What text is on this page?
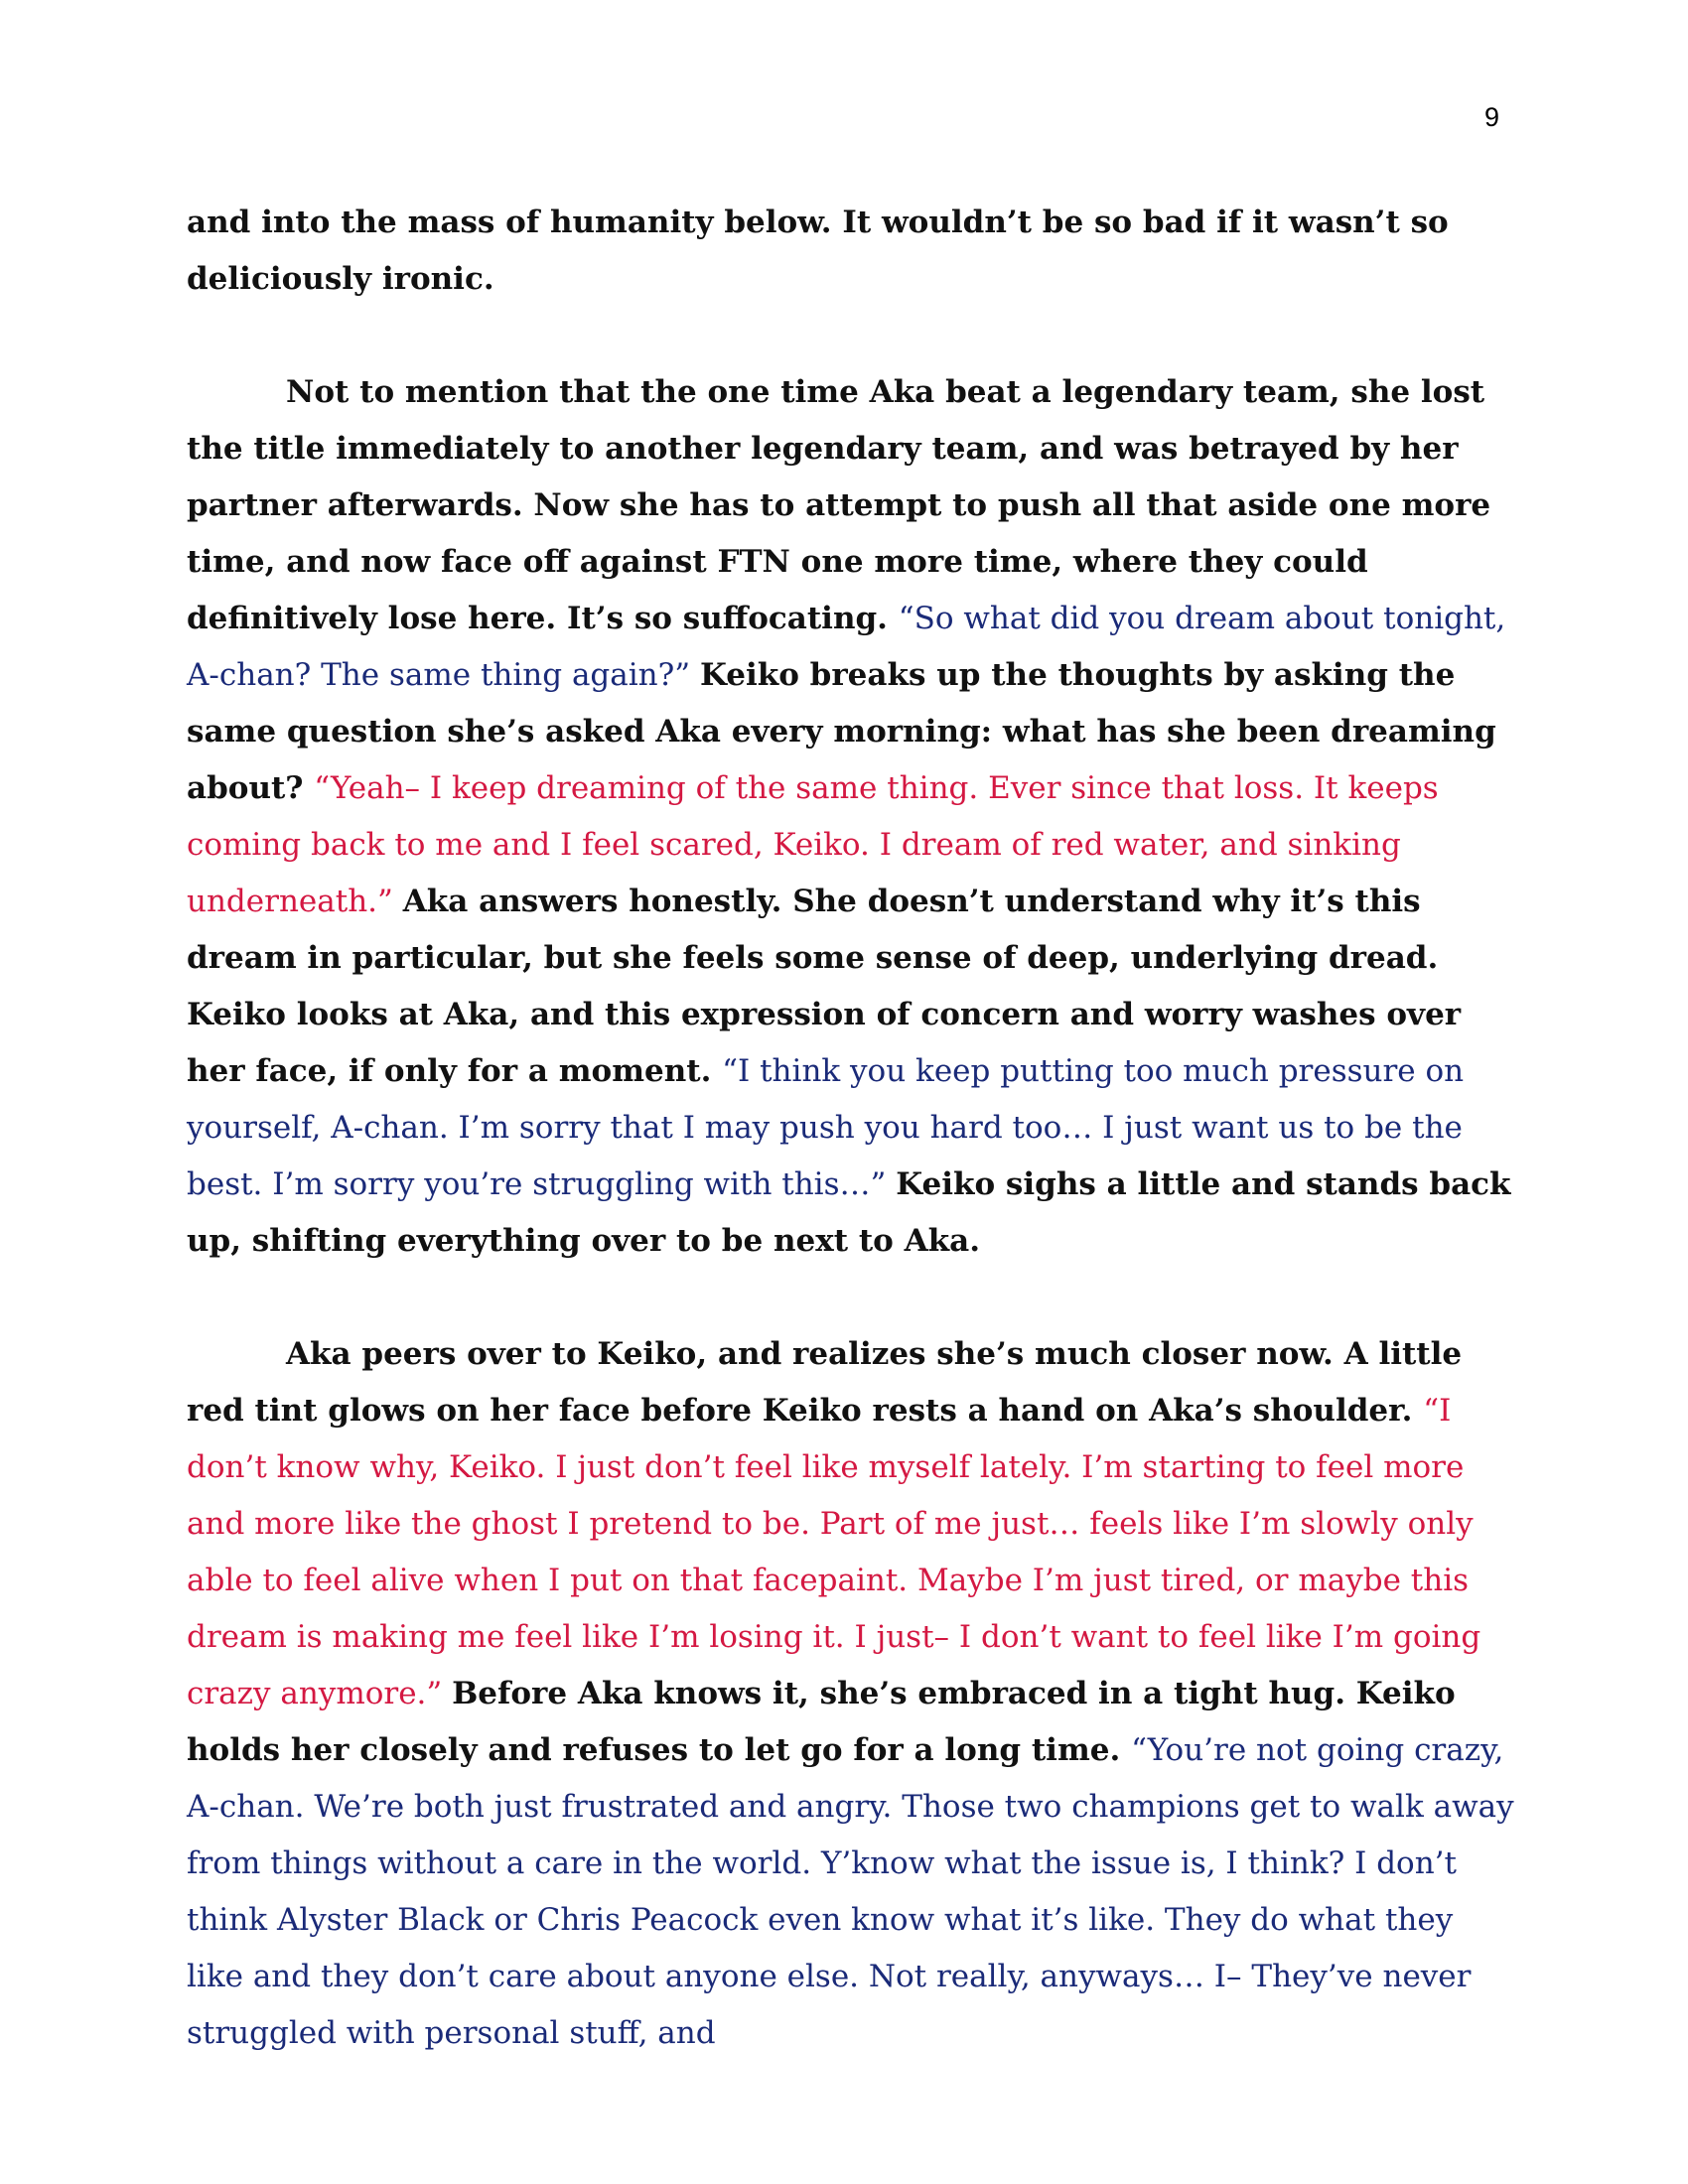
9

and into the mass of humanity below. It wouldn’t be so bad if it wasn’t so deliciously ironic.

Not to mention that the one time Aka beat a legendary team, she lost the title immediately to another legendary team, and was betrayed by her partner afterwards. Now she has to attempt to push all that aside one more time, and now face off against FTN one more time, where they could definitively lose here. It’s so suffocating. “So what did you dream about tonight, A-chan? The same thing again?” Keiko breaks up the thoughts by asking the same question she’s asked Aka every morning: what has she been dreaming about? “Yeah– I keep dreaming of the same thing. Ever since that loss. It keeps coming back to me and I feel scared, Keiko. I dream of red water, and sinking underneath.” Aka answers honestly. She doesn’t understand why it’s this dream in particular, but she feels some sense of deep, underlying dread. Keiko looks at Aka, and this expression of concern and worry washes over her face, if only for a moment. “I think you keep putting too much pressure on yourself, A-chan. I’m sorry that I may push you hard too… I just want us to be the best. I’m sorry you’re struggling with this…” Keiko sighs a little and stands back up, shifting everything over to be next to Aka.

Aka peers over to Keiko, and realizes she’s much closer now. A little red tint glows on her face before Keiko rests a hand on Aka’s shoulder. “I don’t know why, Keiko. I just don’t feel like myself lately. I’m starting to feel more and more like the ghost I pretend to be. Part of me just… feels like I’m slowly only able to feel alive when I put on that facepaint. Maybe I’m just tired, or maybe this dream is making me feel like I’m losing it. I just– I don’t want to feel like I’m going crazy anymore.” Before Aka knows it, she’s embraced in a tight hug. Keiko holds her closely and refuses to let go for a long time. “You’re not going crazy, A-chan. We’re both just frustrated and angry. Those two champions get to walk away from things without a care in the world. Y’know what the issue is, I think? I don’t think Alyster Black or Chris Peacock even know what it’s like. They do what they like and they don’t care about anyone else. Not really, anyways… I– They’ve never struggled with personal stuff, and
